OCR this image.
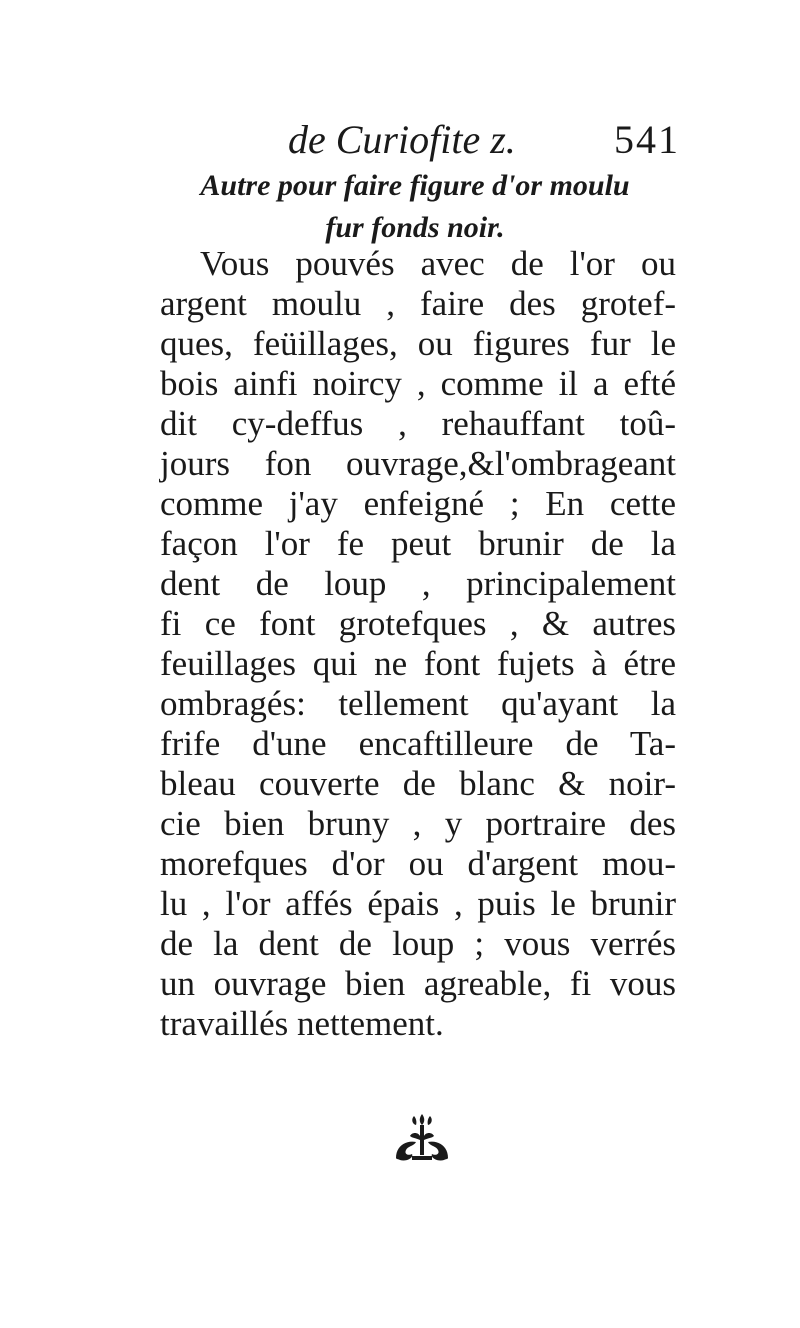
de Curiofite z. 541
Autre pour faire figure d'or moulu
fur fonds noir.
Vous pouvés avec de l'or ou
argent moulu , faire des grotef-
ques, feüillages, ou figures fur le
bois ainfi noircy , comme il a efté
dit cy-deffus , rehauffant toû-
jours fon ouvrage,&l'ombrageant
comme j'ay enfeigné ; En cette
façon l'or fe peut brunir de la
dent de loup , principalement
fi ce font grotefques , & autres
feuillages qui ne font fujets à étre
ombragés: tellement qu'ayant la
frife d'une encaftilleure de Ta-
bleau couverte de blanc & noir-
cie bien bruny , y portraire des
morefques d'or ou d'argent mou-
lu , l'or affés épais , puis le brunir
de la dent de loup ; vous verrés
un ouvrage bien agreable, fi vous
travaillés nettement.
